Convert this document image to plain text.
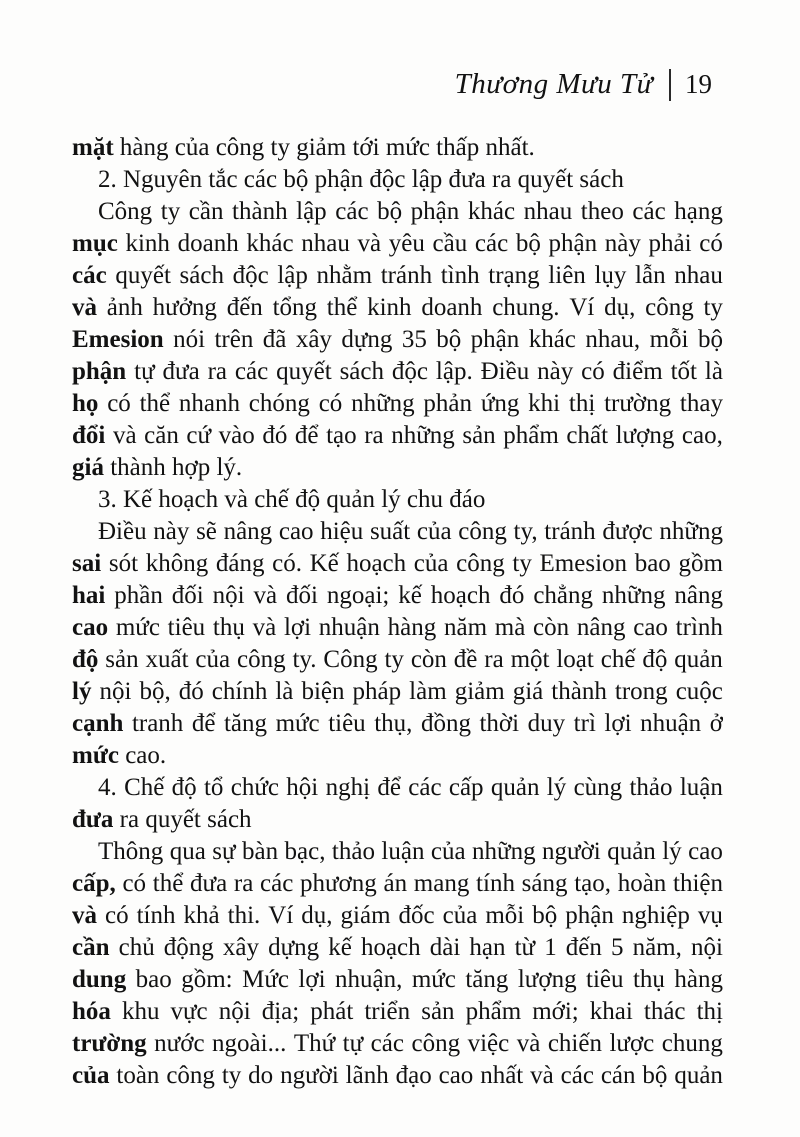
Thương Mưu Tử 19
mặt hàng của công ty giảm tới mức thấp nhất.
2. Nguyên tắc các bộ phận độc lập đưa ra quyết sách
Công ty cần thành lập các bộ phận khác nhau theo các hạng
mục kinh doanh khác nhau và yêu cầu các bộ phận này phải có
các quyết sách độc lập nhằm tránh tình trạng liên lụy lẫn nhau
và ảnh hưởng đến tổng thể kinh doanh chung. Ví dụ, công ty
Emesion nói trên đã xây dựng 35 bộ phận khác nhau, mỗi bộ
phận tự đưa ra các quyết sách độc lập. Điều này có điểm tốt là
họ có thể nhanh chóng có những phản ứng khi thị trường thay
đổi và căn cứ vào đó để tạo ra những sản phẩm chất lượng cao,
giá thành hợp lý.
3. Kế hoạch và chế độ quản lý chu đáo
Điều này sẽ nâng cao hiệu suất của công ty, tránh được những
sai sót không đáng có. Kế hoạch của công ty Emesion bao gồm
hai phần đối nội và đối ngoại; kế hoạch đó chẳng những nâng
cao mức tiêu thụ và lợi nhuận hàng năm mà còn nâng cao trình
độ sản xuất của công ty. Công ty còn đề ra một loạt chế độ quản
lý nội bộ, đó chính là biện pháp làm giảm giá thành trong cuộc
cạnh tranh để tăng mức tiêu thụ, đồng thời duy trì lợi nhuận ở
mức cao.
4. Chế độ tổ chức hội nghị để các cấp quản lý cùng thảo luận
đưa ra quyết sách
Thông qua sự bàn bạc, thảo luận của những người quản lý cao
cấp, có thể đưa ra các phương án mang tính sáng tạo, hoàn thiện
và có tính khả thi. Ví dụ, giám đốc của mỗi bộ phận nghiệp vụ
cần chủ động xây dựng kế hoạch dài hạn từ 1 đến 5 năm, nội
dung bao gồm: Mức lợi nhuận, mức tăng lượng tiêu thụ hàng
hóa khu vực nội địa; phát triển sản phẩm mới; khai thác thị
trường nước ngoài... Thứ tự các công việc và chiến lược chung
của toàn công ty do người lãnh đạo cao nhất và các cán bộ quản
